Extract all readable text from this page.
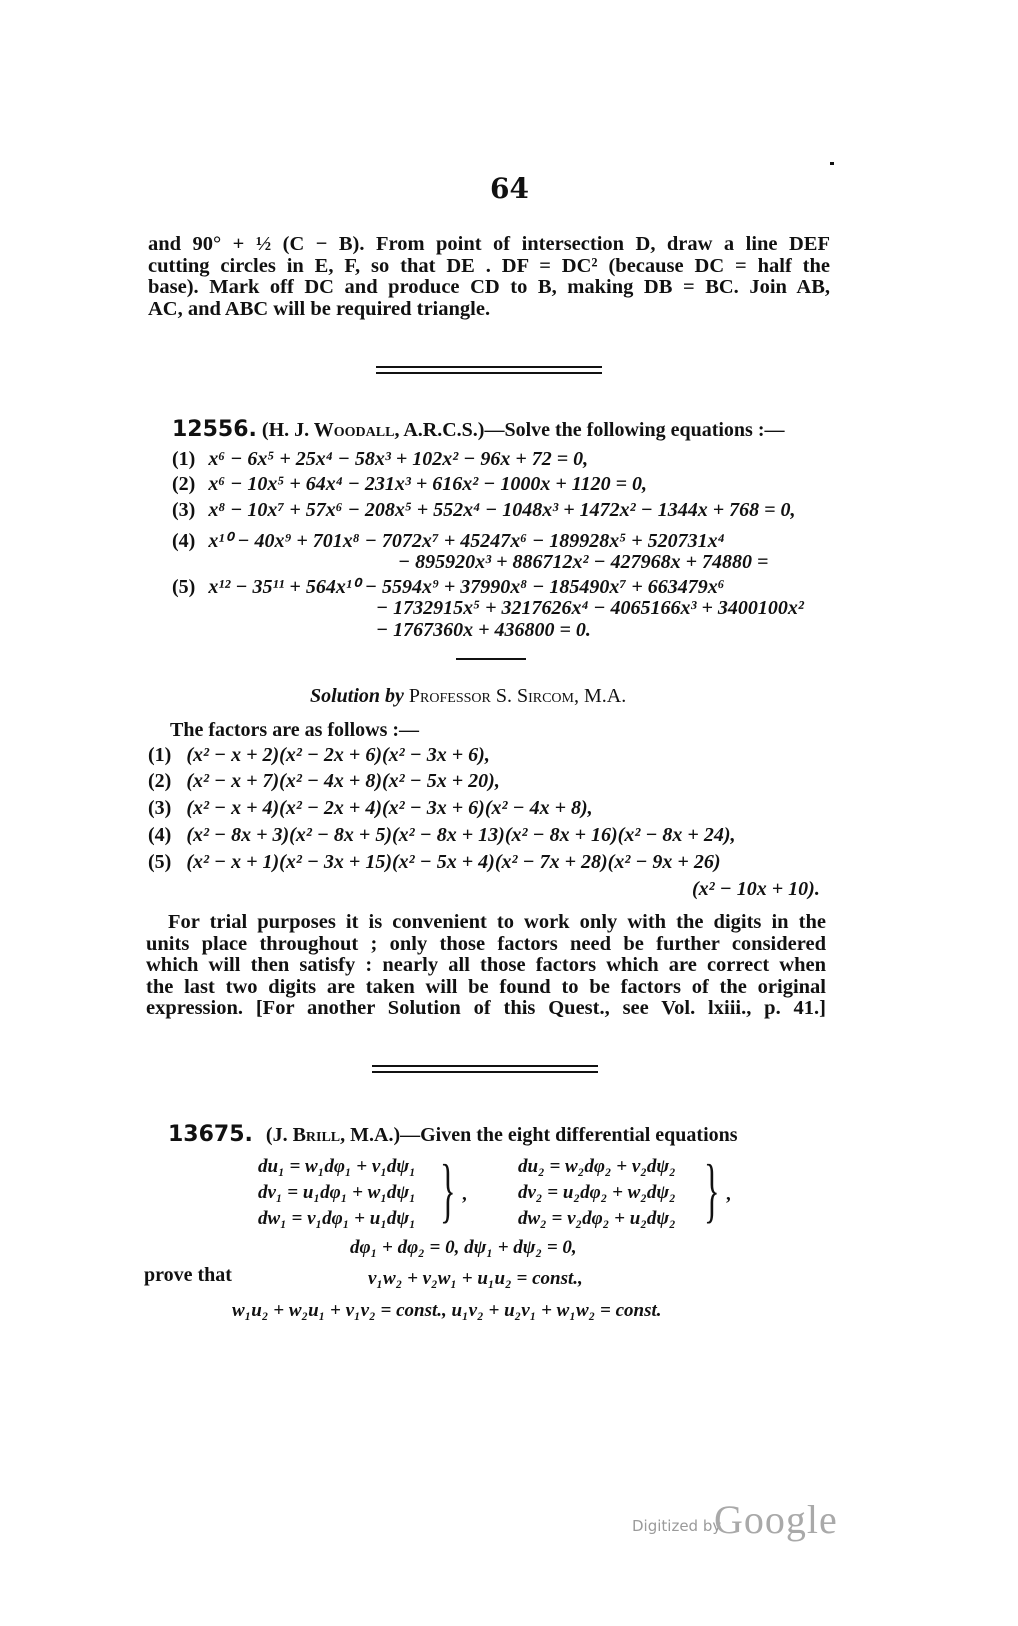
64
and 90° + ½ (C − B). From point of intersection D, draw a line DEF
cutting circles in E, F, so that DE . DF = DC² (because DC = half the
base). Mark off DC and produce CD to B, making DB = BC. Join AB,
AC, and ABC will be required triangle.
12556. (H. J. Woodall, A.R.C.S.)—Solve the following equations :—
(1) x⁶ − 6x⁵ + 25x⁴ − 58x³ + 102x² − 96x + 72 = 0,
(2) x⁶ − 10x⁵ + 64x⁴ − 231x³ + 616x² − 1000x + 1120 = 0,
(3) x⁸ − 10x⁷ + 57x⁶ − 208x⁵ + 552x⁴ − 1048x³ + 1472x² − 1344x + 768 = 0,
(4) x¹⁰ − 40x⁹ + 701x⁸ − 7072x⁷ + 45247x⁶ − 189928x⁵ + 520731x⁴
− 895920x³ + 886712x² − 427968x + 74880 =
(5) x¹² − 35¹¹ + 564x¹⁰ − 5594x⁹ + 37990x⁸ − 185490x⁷ + 663479x⁶
− 1732915x⁵ + 3217626x⁴ − 4065166x³ + 3400100x²
− 1767360x + 436800 = 0.
Solution by Professor S. Sircom, M.A.
The factors are as follows :—
(1) (x² − x + 2)(x² − 2x + 6)(x² − 3x + 6),
(2) (x² − x + 7)(x² − 4x + 8)(x² − 5x + 20),
(3) (x² − x + 4)(x² − 2x + 4)(x² − 3x + 6)(x² − 4x + 8),
(4) (x² − 8x + 3)(x² − 8x + 5)(x² − 8x + 13)(x² − 8x + 16)(x² − 8x + 24),
(5) (x² − x + 1)(x² − 3x + 15)(x² − 5x + 4)(x² − 7x + 28)(x² − 9x + 26)
(x² − 10x + 10).
For trial purposes it is convenient to work only with the digits in the
units place throughout ; only those factors need be further considered
which will then satisfy : nearly all those factors which are correct when
the last two digits are taken will be found to be factors of the original
expression. [For another Solution of this Quest., see Vol. lxiii., p. 41.]
13675. (J. Brill, M.A.)—Given the eight differential equations
du₁ = w₁dφ₁ + v₁dψ₁
dv₁ = u₁dφ₁ + w₁dψ₁
dw₁ = v₁dφ₁ + u₁dψ₁ } ,
du₂ = w₂dφ₂ + v₂dψ₂
dv₂ = u₂dφ₂ + w₂dψ₂
dw₂ = v₂dφ₂ + u₂dψ₂ } ,
dφ₁ + dφ₂ = 0, dψ₁ + dψ₂ = 0,
prove that	v₁w₂ + v₂w₁ + u₁u₂ = const.,
w₁u₂ + w₂u₁ + v₁v₂ = const., u₁v₂ + u₂v₁ + w₁w₂ = const.
Digitized by
Google
